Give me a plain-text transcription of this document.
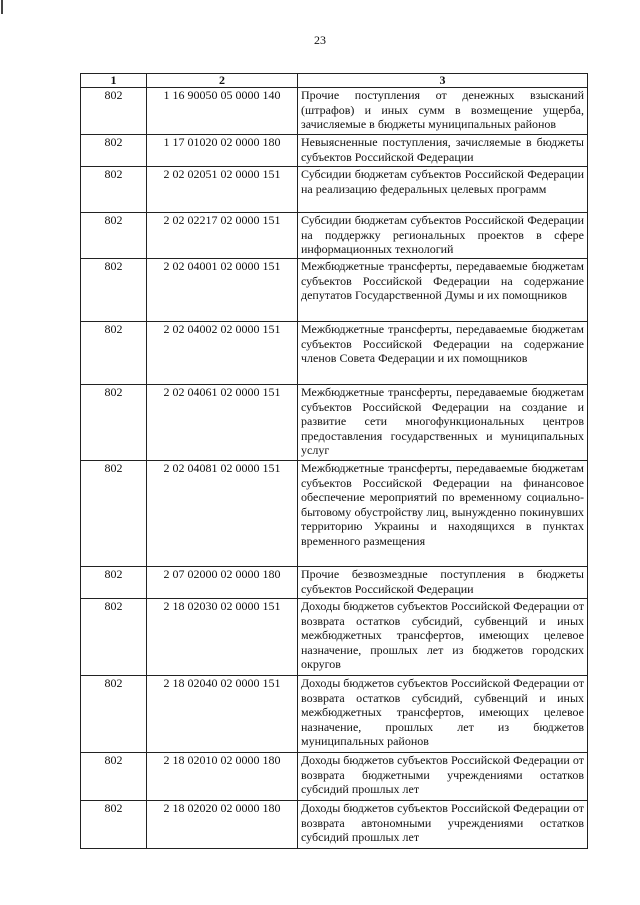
23
1	2	3
802	1 16 90050 05 0000 140	Прочие поступления от денежных взысканий (штрафов) и иных сумм в возмещение ущерба, зачисляемые в бюджеты муниципальных районов
802	1 17 01020 02 0000 180	Невыясненные поступления, зачисляемые в бюджеты субъектов Российской Федерации
802	2 02 02051 02 0000 151	Субсидии бюджетам субъектов Российской Федерации на реализацию федеральных целевых программ
802	2 02 02217 02 0000 151	Субсидии бюджетам субъектов Российской Федерации на поддержку региональных проектов в сфере информационных технологий
802	2 02 04001 02 0000 151	Межбюджетные трансферты, передаваемые бюджетам субъектов Российской Федерации на содержание депутатов Государственной Думы и их помощников
802	2 02 04002 02 0000 151	Межбюджетные трансферты, передаваемые бюджетам субъектов Российской Федерации на содержание членов Совета Федерации и их помощников
802	2 02 04061 02 0000 151	Межбюджетные трансферты, передаваемые бюджетам субъектов Российской Федерации на создание и развитие сети многофункциональных центров предоставления государственных и муниципальных услуг
802	2 02 04081 02 0000 151	Межбюджетные трансферты, передаваемые бюджетам субъектов Российской Федерации на финансовое обеспечение мероприятий по временному социально-бытовому обустройству лиц, вынужденно покинувших территорию Украины и находящихся в пунктах временного размещения
802	2 07 02000 02 0000 180	Прочие безвозмездные поступления в бюджеты субъектов Российской Федерации
802	2 18 02030 02 0000 151	Доходы бюджетов субъектов Российской Федерации от возврата остатков субсидий, субвенций и иных межбюджетных трансфертов, имеющих целевое назначение, прошлых лет из бюджетов городских округов
802	2 18 02040 02 0000 151	Доходы бюджетов субъектов Российской Федерации от возврата остатков субсидий, субвенций и иных межбюджетных трансфертов, имеющих целевое назначение, прошлых лет из бюджетов муниципальных районов
802	2 18 02010 02 0000 180	Доходы бюджетов субъектов Российской Федерации от возврата бюджетными учреждениями остатков субсидий прошлых лет
802	2 18 02020 02 0000 180	Доходы бюджетов субъектов Российской Федерации от возврата автономными учреждениями остатков субсидий прошлых лет
